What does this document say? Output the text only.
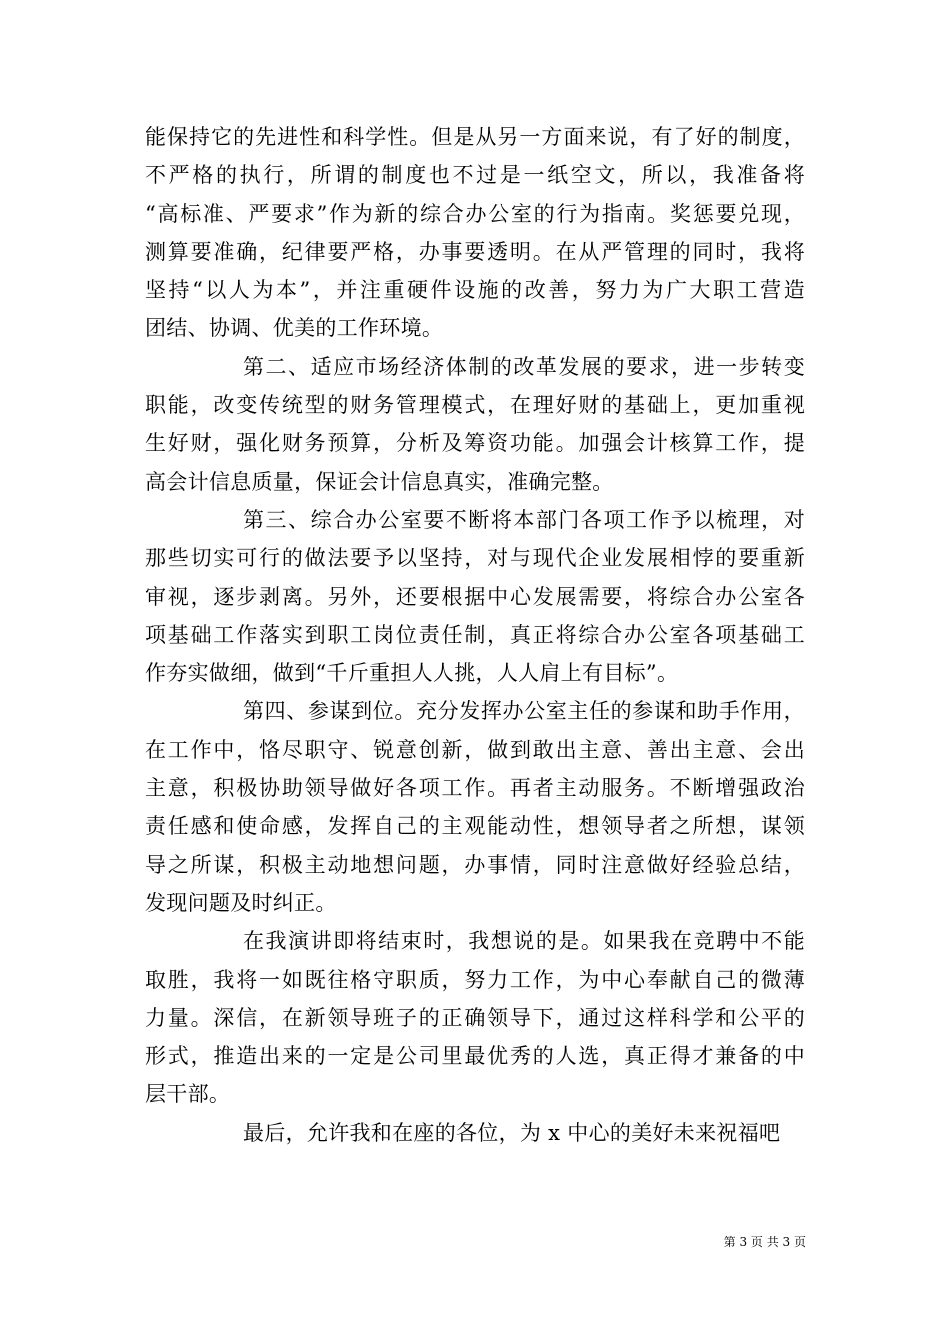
能保持它的先进性和科学性。但是从另一方面来说，有了好的制度，
不严格的执行，所谓的制度也不过是一纸空文，所以，我准备将
“高标准、严要求”作为新的综合办公室的行为指南。奖惩要兑现，
测算要准确，纪律要严格，办事要透明。在从严管理的同时，我将
坚持“以人为本”，并注重硬件设施的改善，努力为广大职工营造
团结、协调、优美的工作环境。
第二、适应市场经济体制的改革发展的要求，进一步转变
职能，改变传统型的财务管理模式，在理好财的基础上，更加重视
生好财，强化财务预算，分析及筹资功能。加强会计核算工作，提
高会计信息质量，保证会计信息真实，准确完整。
第三、综合办公室要不断将本部门各项工作予以梳理，对
那些切实可行的做法要予以坚持，对与现代企业发展相悖的要重新
审视，逐步剥离。另外，还要根据中心发展需要，将综合办公室各
项基础工作落实到职工岗位责任制，真正将综合办公室各项基础工
作夯实做细，做到“千斤重担人人挑，人人肩上有目标”。
第四、参谋到位。充分发挥办公室主任的参谋和助手作用，
在工作中，恪尽职守、锐意创新，做到敢出主意、善出主意、会出
主意，积极协助领导做好各项工作。再者主动服务。不断增强政治
责任感和使命感，发挥自己的主观能动性，想领导者之所想，谋领
导之所谋，积极主动地想问题，办事情，同时注意做好经验总结，
发现问题及时纠正。
在我演讲即将结束时，我想说的是。如果我在竞聘中不能
取胜，我将一如既往格守职质，努力工作，为中心奉献自己的微薄
力量。深信，在新领导班子的正确领导下，通过这样科学和公平的
形式，推造出来的一定是公司里最优秀的人选，真正得才兼备的中
层干部。
最后，允许我和在座的各位，为 x 中心的美好未来祝福吧
第 3 页 共 3 页
